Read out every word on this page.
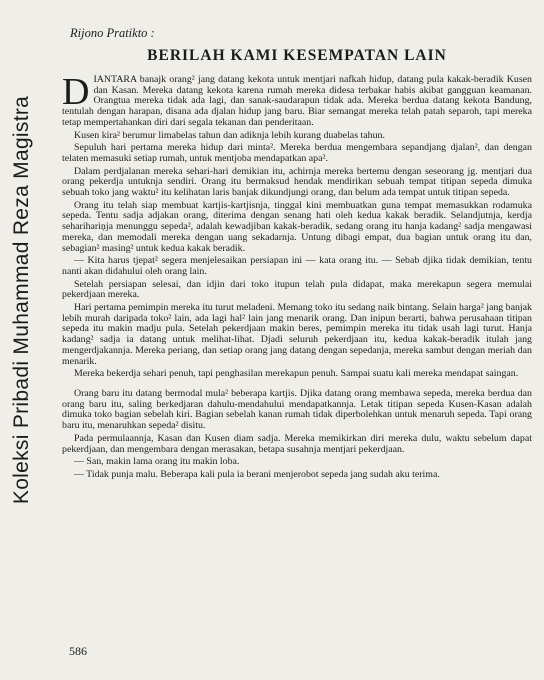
Koleksi Pribadi Muhammad Reza Magistra
Rijono Pratikto :
BERILAH KAMI KESEMPATAN LAIN

DIANTARA banajk orang² jang datang kekota untuk mentjari nafkah hidup, datang pula kakak-beradik Kusen dan Kasan. Mereka datang kekota karena rumah mereka didesa terbakar habis akibat gangguan keamanan. Orangtua mereka tidak ada lagi, dan sanak-saudarapun tidak ada. Mereka berdua datang kekota Bandung, tentulah dengan harapan, disana ada djalan hidup jang baru. Biar semangat mereka telah patah separoh, tapi mereka tetap mempertahankan diri dari segala tekanan dan penderitaan.

Kusen kira² berumur limabelas tahun dan adiknja lebih kurang duabelas tahun.

Sepuluh hari pertama mereka hidup dari minta². Mereka berdua mengembara sepandjang djalan², dan dengan telaten memasuki setiap rumah, untuk mentjoba mendapatkan apa².

Dalam perdjalanan mereka sehari-hari demikian itu, achirnja mereka bertemu dengan seseorang jg. mentjari dua orang pekerdja untuknja sendiri. Orang itu bermaksud hendak mendirikan sebuah tempat titipan sepeda dimuka sebuah toko jang waktu² itu kelihatan laris banjak dikundjungi orang, dan belum ada tempat untuk titipan sepeda.

Orang itu telah siap membuat kartjis-kartjisnja, tinggal kini membuatkan guna tempat memasukkan rodamuka sepeda. Tentu sadja adjakan orang, diterima dengan senang hati oleh kedua kakak beradik. Selandjutnja, kerdja seharihariņja menunggu sepeda², adalah kewadjiban kakak-beradik, sedang orang itu hanja kadang² sadja mengawasi mereka, dan memodali mereka dengan uang sekadarnja. Untung dibagi empat, dua bagian untuk orang itu dan, sebagian² masing² untuk kedua kakak beradik.

— Kita harus tjepat² segera menjelesaikan persiapan ini — kata orang itu. — Sebab djika tidak demikian, tentu nanti akan didahului oleh orang lain.

Setelah persiapan selesai, dan idjin dari toko itupun telah pula didapat, maka merekapun segera memulai pekerdjaan mereka.

Hari pertama pemimpin mereka itu turut meladeni. Memang toko itu sedang naik bintang. Selain harga² jang banjak lebih murah daripada toko² lain, ada lagi hal² lain jang menarik orang. Dan inipun berarti, bahwa perusahaan titipan sepeda itu makin madju pula. Setelah pekerdjaan makin beres, pemimpin mereka itu tidak usah lagi turut. Hanja kadang² sadja ia datang untuk melihat-lihat. Djadi seluruh pekerdjaan itu, kedua kakak-beradik itulah jang mengerdjakannja. Mereka periang, dan setiap orang jang datang dengan sepedanja, mereka sambut dengan meriah dan menarik.

Mereka bekerdja sehari penuh, tapi penghasilan merekapun penuh. Sampai suatu kali mereka mendapat saingan.

Orang baru itu datang bermodal mula² beberapa kartjis. Djika datang orang membawa sepeda, mereka berdua dan orang baru itu, saling berkedjaran dahulu-mendahului mendapatkannja. Letak titipan sepeda Kusen-Kasan adalah dimuka toko bagian sebelah kiri. Bagian sebelah kanan rumah tidak diperbolehkan untuk menaruh sepeda. Tapi orang baru itu, menaruhkan sepeda² disitu.

Pada permulaannja, Kasan dan Kusen diam sadja. Mereka memikirkan diri mereka dulu, waktu sebelum dapat pekerdjaan, dan mengembara dengan merasakan, betapa susahnja mentjari pekerdjaan.

— San, makin lama orang itu makin loba.

— Tidak punja malu. Beberapa kali pula ia berani menjerobot sepeda jang sudah aku terima.

586
